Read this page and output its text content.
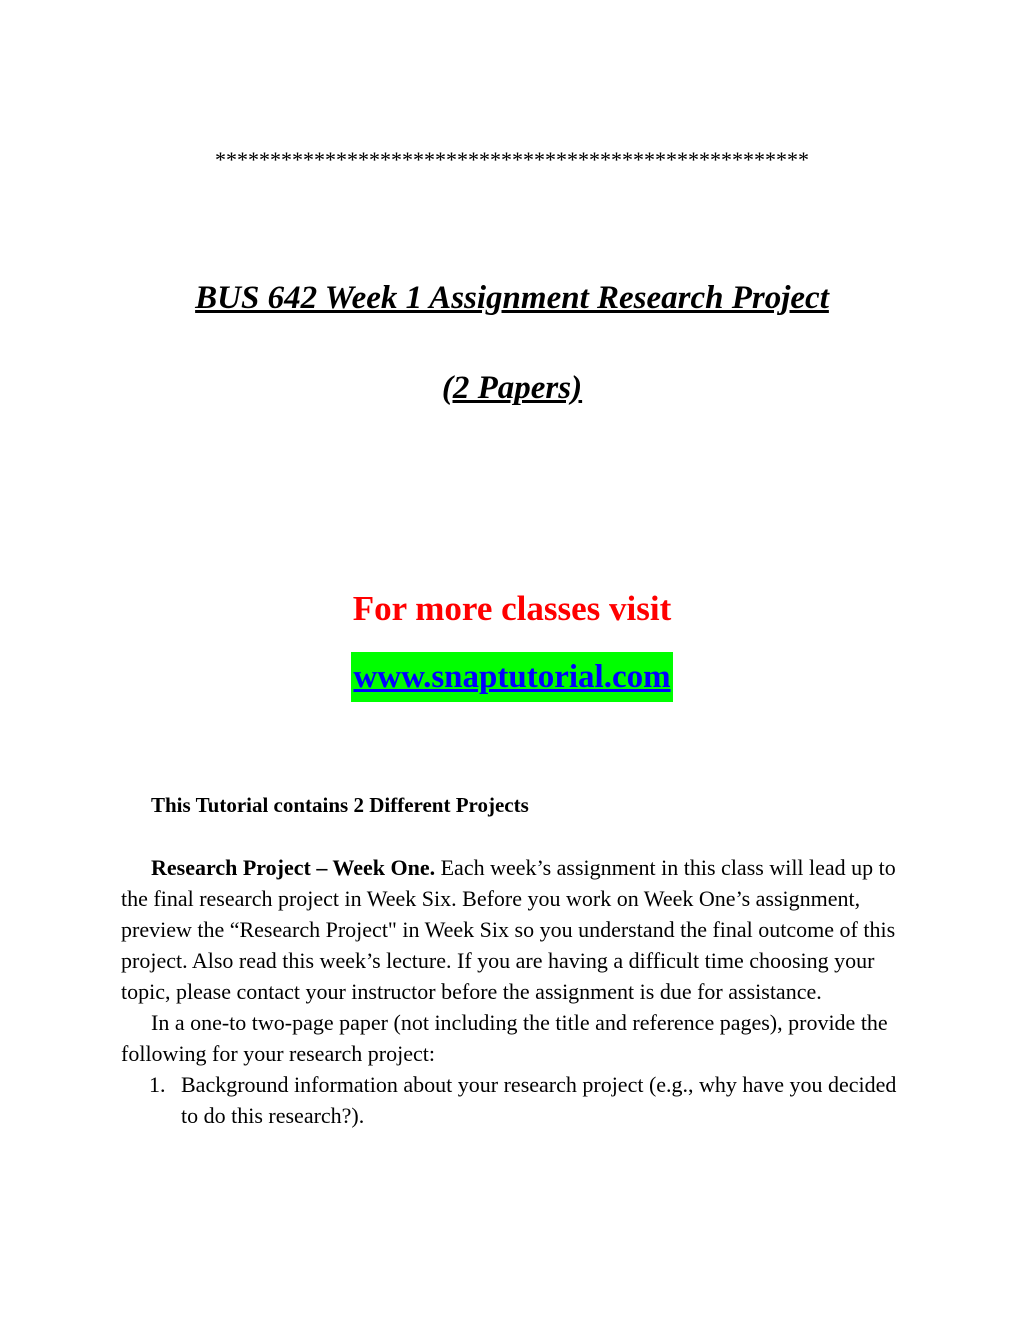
******************************************************
BUS 642 Week 1 Assignment Research Project
(2 Papers)
For more classes visit
www.snaptutorial.com
This Tutorial contains 2 Different Projects

Research Project – Week One. Each week’s assignment in this class will lead up to the final research project in Week Six. Before you work on Week One’s assignment, preview the “Research Project" in Week Six so you understand the final outcome of this project. Also read this week’s lecture. If you are having a difficult time choosing your topic, please contact your instructor before the assignment is due for assistance.

In a one-to two-page paper (not including the title and reference pages), provide the following for your research project:

1. Background information about your research project (e.g., why have you decided to do this research?).
